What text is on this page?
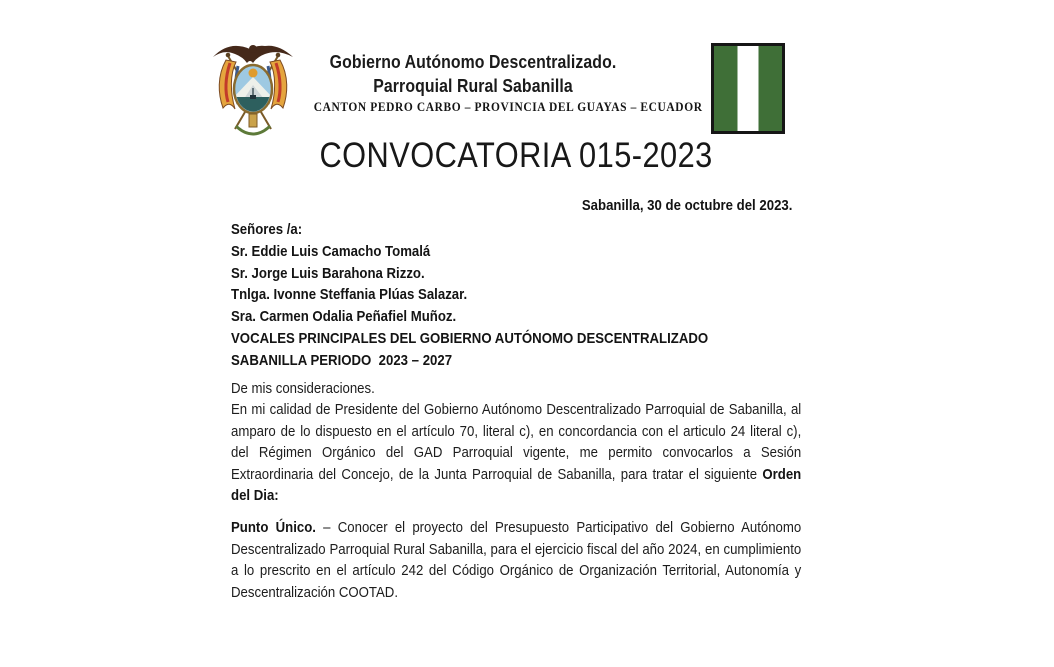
Gobierno Autónomo Descentralizado.
Parroquial Rural Sabanilla
CANTON PEDRO CARBO – PROVINCIA DEL GUAYAS – ECUADOR
CONVOCATORIA 015-2023
Sabanilla, 30 de octubre del 2023.
Señores /a:
Sr. Eddie Luis Camacho Tomalá
Sr. Jorge Luis Barahona Rizzo.
Tnlga. Ivonne Steffania Plúas Salazar.
Sra. Carmen Odalia Peñafiel Muñoz.
VOCALES PRINCIPALES DEL GOBIERNO AUTÓNOMO DESCENTRALIZADO
SABANILLA PERIODO  2023 – 2027
De mis consideraciones.

En mi calidad de Presidente del Gobierno Autónomo Descentralizado Parroquial de Sabanilla, al amparo de lo dispuesto en el artículo 70, literal c), en concordancia con el articulo 24 literal c), del Régimen Orgánico del GAD Parroquial vigente, me permito convocarlos a Sesión Extraordinaria del Concejo, de la Junta Parroquial de Sabanilla, para tratar el siguiente Orden del Dia:

Punto Único. – Conocer el proyecto del Presupuesto Participativo del Gobierno Autónomo Descentralizado Parroquial Rural Sabanilla, para el ejercicio fiscal del año 2024, en cumplimiento a lo prescrito en el artículo 242 del Código Orgánico de Organización Territorial, Autonomía y Descentralización COOTAD.
